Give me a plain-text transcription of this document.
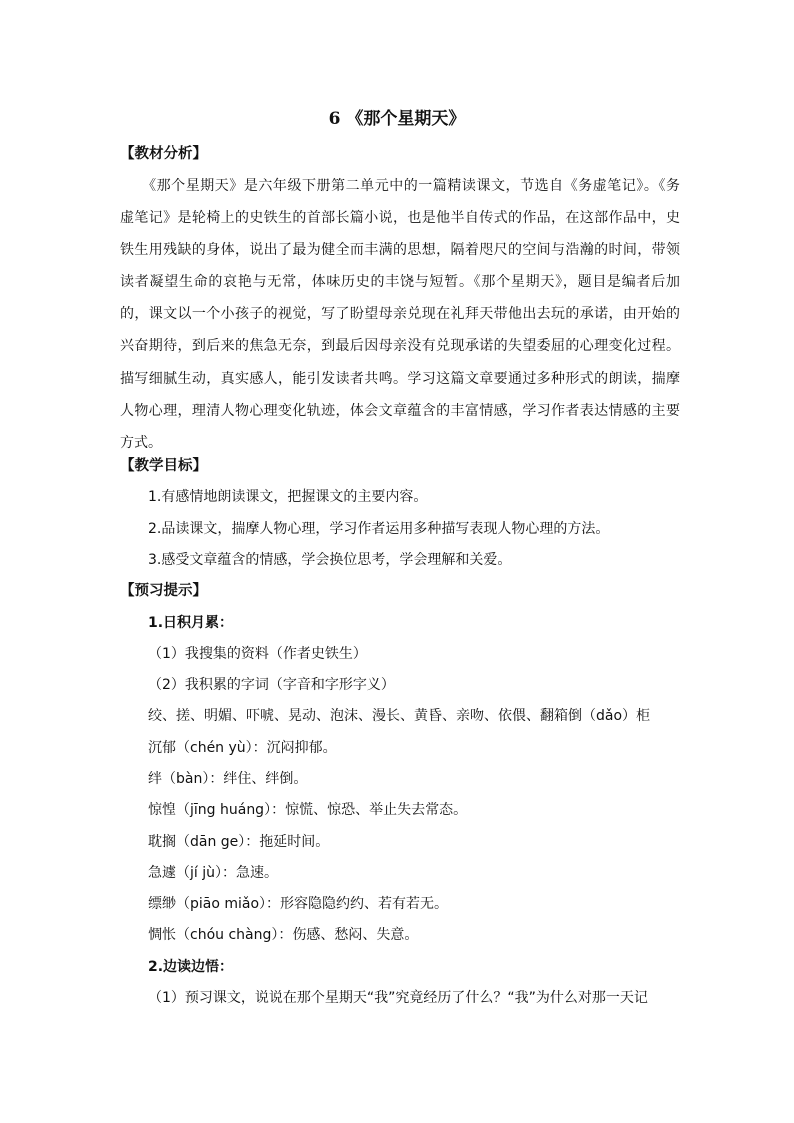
6 《那个星期天》
【教材分析】
　　《那个星期天》是六年级下册第二单元中的一篇精读课文，节选自《务虚笔记》。《务
虚笔记》是轮椅上的史铁生的首部长篇小说，也是他半自传式的作品，在这部作品中，史
铁生用残缺的身体，说出了最为健全而丰满的思想，隔着咫尺的空间与浩瀚的时间，带领
读者凝望生命的哀艳与无常，体味历史的丰饶与短暂。《那个星期天》，题目是编者后加
的，课文以一个小孩子的视觉，写了盼望母亲兑现在礼拜天带他出去玩的承诺，由开始的
兴奋期待，到后来的焦急无奈，到最后因母亲没有兑现承诺的失望委屈的心理变化过程。
描写细腻生动，真实感人，能引发读者共鸣。学习这篇文章要通过多种形式的朗读，揣摩
人物心理，理清人物心理变化轨迹，体会文章蕴含的丰富情感，学习作者表达情感的主要
方式。
【教学目标】
1.有感情地朗读课文，把握课文的主要内容。
2.品读课文，揣摩人物心理，学习作者运用多种描写表现人物心理的方法。
3.感受文章蕴含的情感，学会换位思考，学会理解和关爱。
【预习提示】
1.日积月累：
（1）我搜集的资料（作者史铁生）
（2）我积累的字词（字音和字形字义）
绞、搓、明媚、吓唬、晃动、泡沫、漫长、黄昏、亲吻、依偎、翻箱倒（dǎo）柜
沉郁（chén yù）：沉闷抑郁。
绊（bàn）：绊住、绊倒。
惊惶（jīng huáng）：惊慌、惊恐、举止失去常态。
耽搁（dān ge）：拖延时间。
急遽（jí jù）：急速。
缥缈（piāo miǎo）：形容隐隐约约、若有若无。
惆怅（chóu chàng）：伤感、愁闷、失意。
2.边读边悟：
（1）预习课文，说说在那个星期天“我”究竟经历了什么？“我”为什么对那一天记
